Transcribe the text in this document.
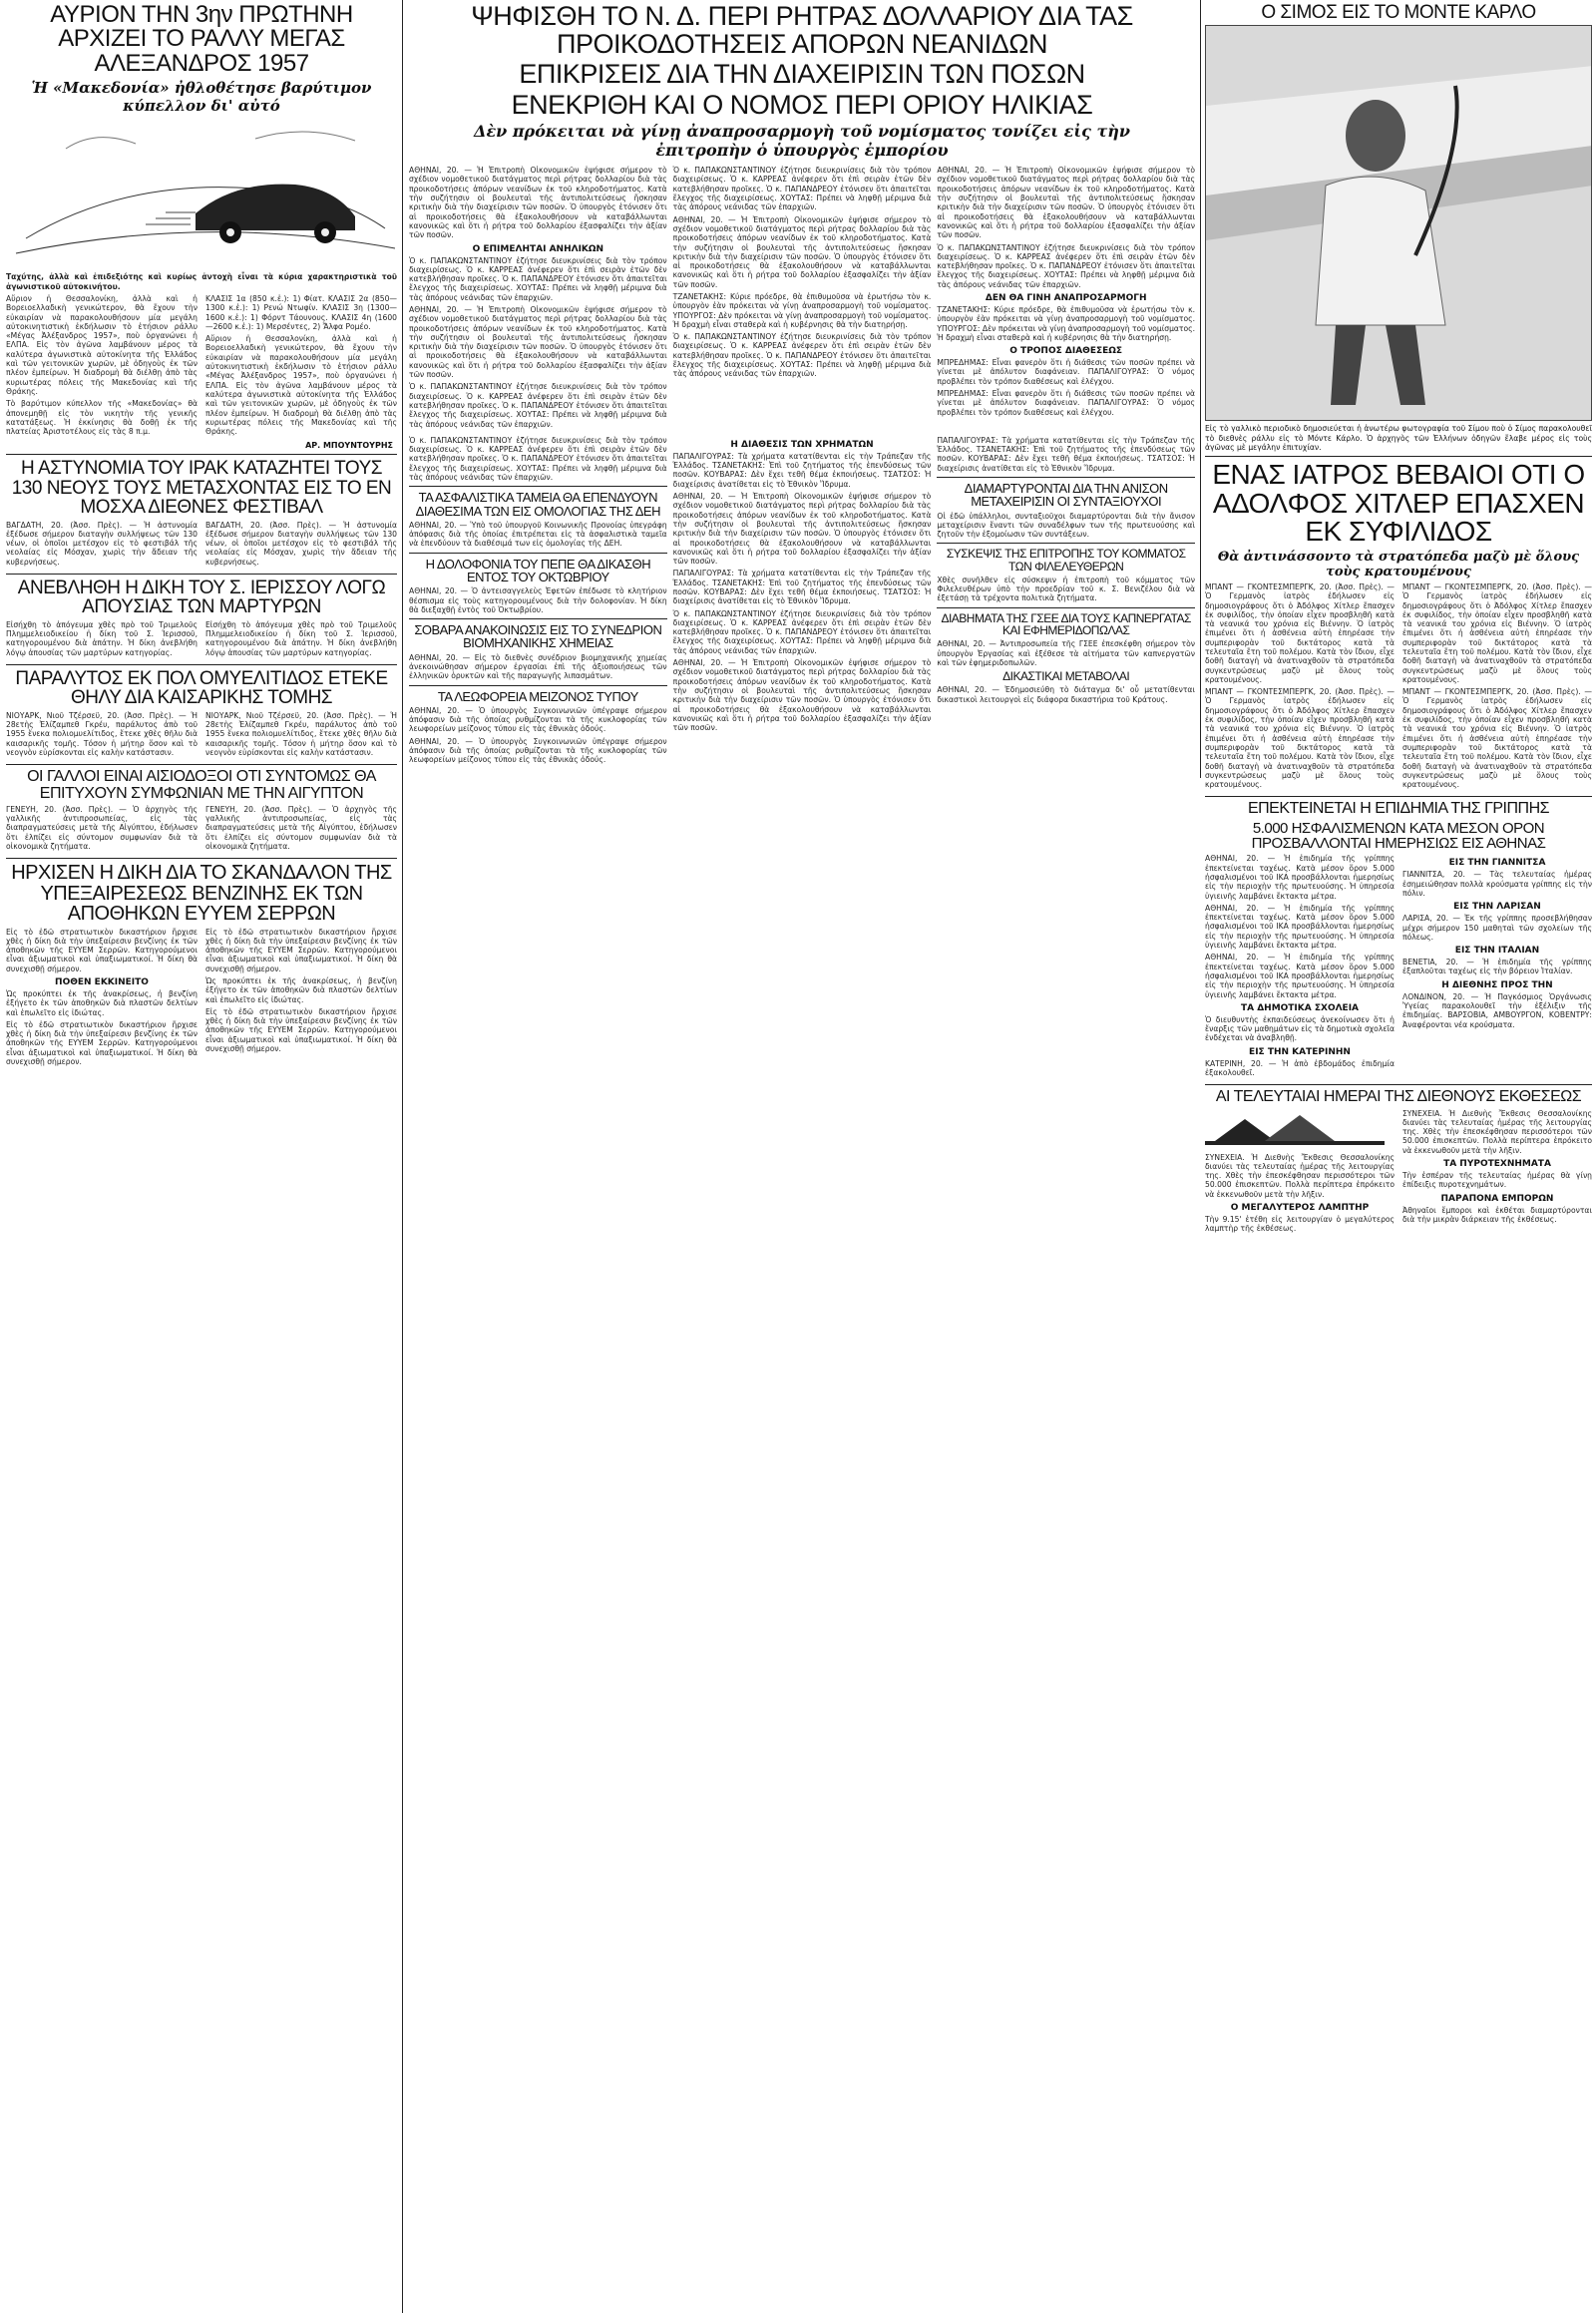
ΑΥΡΙΟΝ ΤΗΝ 3ην ΠΡΩΤΗΝΗ ΑΡΧΙΖΕΙ ΤΟ ΡΑΛΛΥ ΜΕΓΑΣ ΑΛΕΞΑΝΔΡΟΣ 1957
Ἡ «Μακεδονία» ἠθλοθέτησε βαρύτιμον κύπελλον δι' αὐτό
Ταχύτης, ἀλλὰ καὶ ἐπιδεξιότης καὶ κυρίως ἀντοχὴ εἶναι τὰ κύρια χαρακτηριστικὰ τοῦ ἀγωνιστικοῦ αὐτοκινήτου.

Αὔριον ἡ Θεσσαλονίκη, ἀλλὰ καὶ ἡ Βορειοελλαδικὴ γενικώτερον, θὰ ἔχουν τὴν εὐκαιρίαν νὰ παρακολουθήσουν μία μεγάλη αὐτοκινητιστικὴ ἐκδήλωσιν τὸ ἐτήσιον ράλλυ «Μέγας Ἀλέξανδρος 1957», ποὺ ὀργανώνει ἡ ΕΛΠΑ. Εἰς τὸν ἀγῶνα λαμβάνουν μέρος τὰ καλύτερα ἀγωνιστικὰ αὐτοκίνητα τῆς Ἑλλάδος καὶ τῶν γειτονικῶν χωρῶν, μὲ ὁδηγοὺς ἐκ τῶν πλέον ἐμπείρων. Ἡ διαδρομὴ θὰ διέλθῃ ἀπὸ τὰς κυριωτέρας πόλεις τῆς Μακεδονίας καὶ τῆς Θράκης.

Τὸ βαρύτιμον κύπελλον τῆς «Μακεδονίας» θὰ ἀπονεμηθῇ εἰς τὸν νικητὴν τῆς γενικῆς κατατάξεως. Ἡ ἐκκίνησις θὰ δοθῇ ἐκ τῆς πλατείας Ἀριστοτέλους εἰς τὰς 8 π.μ.

ΚΛΑΣΙΣ 1α (850 κ.ἑ.): 1) Φίατ. ΚΛΑΣΙΣ 2α (850—1300 κ.ἑ.): 1) Ρενώ Ντωφίν. ΚΛΑΣΙΣ 3η (1300—1600 κ.ἑ.): 1) Φόρντ Τάουνους. ΚΛΑΣΙΣ 4η (1600—2600 κ.ἑ.): 1) Μερσέντες, 2) Ἄλφα Ρομέο.

Αὔριον ἡ Θεσσαλονίκη, ἀλλὰ καὶ ἡ Βορειοελλαδικὴ γενικώτερον, θὰ ἔχουν τὴν εὐκαιρίαν νὰ παρακολουθήσουν μία μεγάλη αὐτοκινητιστικὴ ἐκδήλωσιν τὸ ἐτήσιον ράλλυ «Μέγας Ἀλέξανδρος 1957», ποὺ ὀργανώνει ἡ ΕΛΠΑ. Εἰς τὸν ἀγῶνα λαμβάνουν μέρος τὰ καλύτερα ἀγωνιστικὰ αὐτοκίνητα τῆς Ἑλλάδος καὶ τῶν γειτονικῶν χωρῶν, μὲ ὁδηγοὺς ἐκ τῶν πλέον ἐμπείρων. Ἡ διαδρομὴ θὰ διέλθῃ ἀπὸ τὰς κυριωτέρας πόλεις τῆς Μακεδονίας καὶ τῆς Θράκης.

ΑΡ. ΜΠΟΥΝΤΟΥΡΗΣ
Η ΑΣΤΥΝΟΜΙΑ ΤΟΥ ΙΡΑΚ ΚΑΤΑΖΗΤΕΙ ΤΟΥΣ 130 ΝΕΟΥΣ ΤΟΥΣ ΜΕΤΑΣΧΟΝΤΑΣ ΕΙΣ ΤΟ ΕΝ ΜΟΣΧΑ ΔΙΕΘΝΕΣ ΦΕΣΤΙΒΑΛ

ΒΑΓΔΑΤΗ, 20. (Ἀσσ. Πρὲς). — Ἡ ἀστυνομία ἐξέδωσε σήμερον διαταγὴν συλλήψεως τῶν 130 νέων, οἱ ὁποῖοι μετέσχον εἰς τὸ φεστιβάλ τῆς νεολαίας εἰς Μόσχαν, χωρὶς τὴν ἄδειαν τῆς κυβερνήσεως.

ΒΑΓΔΑΤΗ, 20. (Ἀσσ. Πρὲς). — Ἡ ἀστυνομία ἐξέδωσε σήμερον διαταγὴν συλλήψεως τῶν 130 νέων, οἱ ὁποῖοι μετέσχον εἰς τὸ φεστιβάλ τῆς νεολαίας εἰς Μόσχαν, χωρὶς τὴν ἄδειαν τῆς κυβερνήσεως.

ΑΝΕΒΛΗΘΗ Η ΔΙΚΗ ΤΟΥ Σ. ΙΕΡΙΣΣΟΥ ΛΟΓΩ ΑΠΟΥΣΙΑΣ ΤΩΝ ΜΑΡΤΥΡΩΝ

Εἰσήχθη τὸ ἀπόγευμα χθὲς πρὸ τοῦ Τριμελοῦς Πλημμελειοδικείου ἡ δίκη τοῦ Σ. Ἱερισσοῦ, κατηγορουμένου διὰ ἀπάτην. Ἡ δίκη ἀνεβλήθη λόγῳ ἀπουσίας τῶν μαρτύρων κατηγορίας.

Εἰσήχθη τὸ ἀπόγευμα χθὲς πρὸ τοῦ Τριμελοῦς Πλημμελειοδικείου ἡ δίκη τοῦ Σ. Ἱερισσοῦ, κατηγορουμένου διὰ ἀπάτην. Ἡ δίκη ἀνεβλήθη λόγῳ ἀπουσίας τῶν μαρτύρων κατηγορίας.

ΠΑΡΑΛΥΤΟΣ ΕΚ ΠΟΛ ΟΜΥΕΛΙΤΙΔΟΣ ΕΤΕΚΕ ΘΗΛΥ ΔΙΑ ΚΑΙΣΑΡΙΚΗΣ ΤΟΜΗΣ

ΝΙΟΥΑΡΚ, Νιοῦ Τζέρσεϋ, 20. (Ἀσσ. Πρὲς). — Ἡ 28ετὴς Ἐλίζαμπεθ Γκρέυ, παράλυτος ἀπὸ τοῦ 1955 ἕνεκα πολιομυελίτιδος, ἔτεκε χθὲς θῆλυ διὰ καισαρικῆς τομῆς. Τόσον ἡ μήτηρ ὅσον καὶ τὸ νεογνὸν εὑρίσκονται εἰς καλὴν κατάστασιν.

ΝΙΟΥΑΡΚ, Νιοῦ Τζέρσεϋ, 20. (Ἀσσ. Πρὲς). — Ἡ 28ετὴς Ἐλίζαμπεθ Γκρέυ, παράλυτος ἀπὸ τοῦ 1955 ἕνεκα πολιομυελίτιδος, ἔτεκε χθὲς θῆλυ διὰ καισαρικῆς τομῆς. Τόσον ἡ μήτηρ ὅσον καὶ τὸ νεογνὸν εὑρίσκονται εἰς καλὴν κατάστασιν.

ΟΙ ΓΑΛΛΟΙ ΕΙΝΑΙ ΑΙΣΙΟΔΟΞΟΙ ΟΤΙ ΣΥΝΤΟΜΩΣ ΘΑ ΕΠΙΤΥΧΟΥΝ ΣΥΜΦΩΝΙΑΝ ΜΕ ΤΗΝ ΑΙΓΥΠΤΟΝ

ΓΕΝΕΥΗ, 20. (Ἀσσ. Πρὲς). — Ὁ ἀρχηγὸς τῆς γαλλικῆς ἀντιπροσωπείας, εἰς τὰς διαπραγματεύσεις μετὰ τῆς Αἰγύπτου, ἐδήλωσεν ὅτι ἐλπίζει εἰς σύντομον συμφωνίαν διὰ τὰ οἰκονομικὰ ζητήματα.

ΓΕΝΕΥΗ, 20. (Ἀσσ. Πρὲς). — Ὁ ἀρχηγὸς τῆς γαλλικῆς ἀντιπροσωπείας, εἰς τὰς διαπραγματεύσεις μετὰ τῆς Αἰγύπτου, ἐδήλωσεν ὅτι ἐλπίζει εἰς σύντομον συμφωνίαν διὰ τὰ οἰκονομικὰ ζητήματα.

ΗΡΧΙΣΕΝ Η ΔΙΚΗ ΔΙΑ ΤΟ ΣΚΑΝΔΑΛΟΝ ΤΗΣ ΥΠΕΞΑΙΡΕΣΕΩΣ ΒΕΝΖΙΝΗΣ ΕΚ ΤΩΝ ΑΠΟΘΗΚΩΝ ΕΥΥΕΜ ΣΕΡΡΩΝ

Εἰς τὸ ἐδῶ στρατιωτικὸν δικαστήριον ἤρχισε χθὲς ἡ δίκη διὰ τὴν ὑπεξαίρεσιν βενζίνης ἐκ τῶν ἀποθηκῶν τῆς ΕΥΥΕΜ Σερρῶν. Κατηγορούμενοι εἶναι ἀξιωματικοὶ καὶ ὑπαξιωματικοί. Ἡ δίκη θὰ συνεχισθῇ σήμερον.

ΠΟΘΕΝ ΕΚΚΙΝΕΙΤΟ

Ὡς προκύπτει ἐκ τῆς ἀνακρίσεως, ἡ βενζίνη ἐξήγετο ἐκ τῶν ἀποθηκῶν διὰ πλαστῶν δελτίων καὶ ἐπωλεῖτο εἰς ἰδιώτας.

Εἰς τὸ ἐδῶ στρατιωτικὸν δικαστήριον ἤρχισε χθὲς ἡ δίκη διὰ τὴν ὑπεξαίρεσιν βενζίνης ἐκ τῶν ἀποθηκῶν τῆς ΕΥΥΕΜ Σερρῶν. Κατηγορούμενοι εἶναι ἀξιωματικοὶ καὶ ὑπαξιωματικοί. Ἡ δίκη θὰ συνεχισθῇ σήμερον.

Εἰς τὸ ἐδῶ στρατιωτικὸν δικαστήριον ἤρχισε χθὲς ἡ δίκη διὰ τὴν ὑπεξαίρεσιν βενζίνης ἐκ τῶν ἀποθηκῶν τῆς ΕΥΥΕΜ Σερρῶν. Κατηγορούμενοι εἶναι ἀξιωματικοὶ καὶ ὑπαξιωματικοί. Ἡ δίκη θὰ συνεχισθῇ σήμερον.

Ὡς προκύπτει ἐκ τῆς ἀνακρίσεως, ἡ βενζίνη ἐξήγετο ἐκ τῶν ἀποθηκῶν διὰ πλαστῶν δελτίων καὶ ἐπωλεῖτο εἰς ἰδιώτας.

Εἰς τὸ ἐδῶ στρατιωτικὸν δικαστήριον ἤρχισε χθὲς ἡ δίκη διὰ τὴν ὑπεξαίρεσιν βενζίνης ἐκ τῶν ἀποθηκῶν τῆς ΕΥΥΕΜ Σερρῶν. Κατηγορούμενοι εἶναι ἀξιωματικοὶ καὶ ὑπαξιωματικοί. Ἡ δίκη θὰ συνεχισθῇ σήμερον.

ΨΗΦΙΣΘΗ ΤΟ Ν. Δ. ΠΕΡΙ ΡΗΤΡΑΣ ΔΟΛΛΑΡΙΟΥ ΔΙΑ ΤΑΣ ΠΡΟΙΚΟΔΟΤΗΣΕΙΣ ΑΠΟΡΩΝ ΝΕΑΝΙΔΩΝ
ΕΠΙΚΡΙΣΕΙΣ ΔΙΑ ΤΗΝ ΔΙΑΧΕΙΡΙΣΙΝ ΤΩΝ ΠΟΣΩΝ
ΕΝΕΚΡΙΘΗ ΚΑΙ Ο ΝΟΜΟΣ ΠΕΡΙ ΟΡΙΟΥ ΗΛΙΚΙΑΣ
Δὲν πρόκειται νὰ γίνῃ ἀναπροσαρμογὴ τοῦ νομίσματος τονίζει εἰς τὴν ἐπιτροπὴν ὁ ὑπουργὸς ἐμπορίου

ΑΘΗΝΑΙ, 20. — Ἡ Ἐπιτροπὴ Οἰκονομικῶν ἐψήφισε σήμερον τὸ σχέδιον νομοθετικοῦ διατάγματος περὶ ρήτρας δολλαρίου διὰ τὰς προικοδοτήσεις ἀπόρων νεανίδων ἐκ τοῦ κληροδοτήματος. Κατὰ τὴν συζήτησιν οἱ βουλευταὶ τῆς ἀντιπολιτεύσεως ἤσκησαν κριτικὴν διὰ τὴν διαχείρισιν τῶν ποσῶν. Ὁ ὑπουργὸς ἐτόνισεν ὅτι αἱ προικοδοτήσεις θὰ ἐξακολουθήσουν νὰ καταβάλλωνται κανονικῶς καὶ ὅτι ἡ ρήτρα τοῦ δολλαρίου ἐξασφαλίζει τὴν ἀξίαν τῶν ποσῶν.

Ο ΕΠΙΜΕΛΗΤΑΙ ΑΝΗΛΙΚΩΝ

Ὁ κ. ΠΑΠΑΚΩΝΣΤΑΝΤΙΝΟΥ ἐζήτησε διευκρινίσεις διὰ τὸν τρόπον διαχειρίσεως. Ὁ κ. ΚΑΡΡΕΑΣ ἀνέφερεν ὅτι ἐπὶ σειρὰν ἐτῶν δὲν κατεβλήθησαν προῖκες. Ὁ κ. ΠΑΠΑΝΔΡΕΟΥ ἐτόνισεν ὅτι ἀπαιτεῖται ἔλεγχος τῆς διαχειρίσεως. ΧΟΥΤΑΣ: Πρέπει νὰ ληφθῇ μέριμνα διὰ τὰς ἀπόρους νεάνιδας τῶν ἐπαρχιῶν.

ΑΘΗΝΑΙ, 20. — Ἡ Ἐπιτροπὴ Οἰκονομικῶν ἐψήφισε σήμερον τὸ σχέδιον νομοθετικοῦ διατάγματος περὶ ρήτρας δολλαρίου διὰ τὰς προικοδοτήσεις ἀπόρων νεανίδων ἐκ τοῦ κληροδοτήματος. Κατὰ τὴν συζήτησιν οἱ βουλευταὶ τῆς ἀντιπολιτεύσεως ἤσκησαν κριτικὴν διὰ τὴν διαχείρισιν τῶν ποσῶν. Ὁ ὑπουργὸς ἐτόνισεν ὅτι αἱ προικοδοτήσεις θὰ ἐξακολουθήσουν νὰ καταβάλλωνται κανονικῶς καὶ ὅτι ἡ ρήτρα τοῦ δολλαρίου ἐξασφαλίζει τὴν ἀξίαν τῶν ποσῶν.

Ὁ κ. ΠΑΠΑΚΩΝΣΤΑΝΤΙΝΟΥ ἐζήτησε διευκρινίσεις διὰ τὸν τρόπον διαχειρίσεως. Ὁ κ. ΚΑΡΡΕΑΣ ἀνέφερεν ὅτι ἐπὶ σειρὰν ἐτῶν δὲν κατεβλήθησαν προῖκες. Ὁ κ. ΠΑΠΑΝΔΡΕΟΥ ἐτόνισεν ὅτι ἀπαιτεῖται ἔλεγχος τῆς διαχειρίσεως. ΧΟΥΤΑΣ: Πρέπει νὰ ληφθῇ μέριμνα διὰ τὰς ἀπόρους νεάνιδας τῶν ἐπαρχιῶν.

Ὁ κ. ΠΑΠΑΚΩΝΣΤΑΝΤΙΝΟΥ ἐζήτησε διευκρινίσεις διὰ τὸν τρόπον διαχειρίσεως. Ὁ κ. ΚΑΡΡΕΑΣ ἀνέφερεν ὅτι ἐπὶ σειρὰν ἐτῶν δὲν κατεβλήθησαν προῖκες. Ὁ κ. ΠΑΠΑΝΔΡΕΟΥ ἐτόνισεν ὅτι ἀπαιτεῖται ἔλεγχος τῆς διαχειρίσεως. ΧΟΥΤΑΣ: Πρέπει νὰ ληφθῇ μέριμνα διὰ τὰς ἀπόρους νεάνιδας τῶν ἐπαρχιῶν.

ΑΘΗΝΑΙ, 20. — Ἡ Ἐπιτροπὴ Οἰκονομικῶν ἐψήφισε σήμερον τὸ σχέδιον νομοθετικοῦ διατάγματος περὶ ρήτρας δολλαρίου διὰ τὰς προικοδοτήσεις ἀπόρων νεανίδων ἐκ τοῦ κληροδοτήματος. Κατὰ τὴν συζήτησιν οἱ βουλευταὶ τῆς ἀντιπολιτεύσεως ἤσκησαν κριτικὴν διὰ τὴν διαχείρισιν τῶν ποσῶν. Ὁ ὑπουργὸς ἐτόνισεν ὅτι αἱ προικοδοτήσεις θὰ ἐξακολουθήσουν νὰ καταβάλλωνται κανονικῶς καὶ ὅτι ἡ ρήτρα τοῦ δολλαρίου ἐξασφαλίζει τὴν ἀξίαν τῶν ποσῶν.

ΤΖΑΝΕΤΑΚΗΣ: Κύριε πρόεδρε, θὰ ἐπιθυμοῦσα νὰ ἐρωτήσω τὸν κ. ὑπουργὸν ἐὰν πρόκειται νὰ γίνῃ ἀναπροσαρμογὴ τοῦ νομίσματος. ΥΠΟΥΡΓΟΣ: Δὲν πρόκειται νὰ γίνῃ ἀναπροσαρμογὴ τοῦ νομίσματος. Ἡ δραχμὴ εἶναι σταθερὰ καὶ ἡ κυβέρνησις θὰ τὴν διατηρήσῃ.

Ὁ κ. ΠΑΠΑΚΩΝΣΤΑΝΤΙΝΟΥ ἐζήτησε διευκρινίσεις διὰ τὸν τρόπον διαχειρίσεως. Ὁ κ. ΚΑΡΡΕΑΣ ἀνέφερεν ὅτι ἐπὶ σειρὰν ἐτῶν δὲν κατεβλήθησαν προῖκες. Ὁ κ. ΠΑΠΑΝΔΡΕΟΥ ἐτόνισεν ὅτι ἀπαιτεῖται ἔλεγχος τῆς διαχειρίσεως. ΧΟΥΤΑΣ: Πρέπει νὰ ληφθῇ μέριμνα διὰ τὰς ἀπόρους νεάνιδας τῶν ἐπαρχιῶν.

ΑΘΗΝΑΙ, 20. — Ἡ Ἐπιτροπὴ Οἰκονομικῶν ἐψήφισε σήμερον τὸ σχέδιον νομοθετικοῦ διατάγματος περὶ ρήτρας δολλαρίου διὰ τὰς προικοδοτήσεις ἀπόρων νεανίδων ἐκ τοῦ κληροδοτήματος. Κατὰ τὴν συζήτησιν οἱ βουλευταὶ τῆς ἀντιπολιτεύσεως ἤσκησαν κριτικὴν διὰ τὴν διαχείρισιν τῶν ποσῶν. Ὁ ὑπουργὸς ἐτόνισεν ὅτι αἱ προικοδοτήσεις θὰ ἐξακολουθήσουν νὰ καταβάλλωνται κανονικῶς καὶ ὅτι ἡ ρήτρα τοῦ δολλαρίου ἐξασφαλίζει τὴν ἀξίαν τῶν ποσῶν.

Ὁ κ. ΠΑΠΑΚΩΝΣΤΑΝΤΙΝΟΥ ἐζήτησε διευκρινίσεις διὰ τὸν τρόπον διαχειρίσεως. Ὁ κ. ΚΑΡΡΕΑΣ ἀνέφερεν ὅτι ἐπὶ σειρὰν ἐτῶν δὲν κατεβλήθησαν προῖκες. Ὁ κ. ΠΑΠΑΝΔΡΕΟΥ ἐτόνισεν ὅτι ἀπαιτεῖται ἔλεγχος τῆς διαχειρίσεως. ΧΟΥΤΑΣ: Πρέπει νὰ ληφθῇ μέριμνα διὰ τὰς ἀπόρους νεάνιδας τῶν ἐπαρχιῶν.

ΔΕΝ ΘΑ ΓΙΝΗ ΑΝΑΠΡΟΣΑΡΜΟΓΗ

ΤΖΑΝΕΤΑΚΗΣ: Κύριε πρόεδρε, θὰ ἐπιθυμοῦσα νὰ ἐρωτήσω τὸν κ. ὑπουργὸν ἐὰν πρόκειται νὰ γίνῃ ἀναπροσαρμογὴ τοῦ νομίσματος. ΥΠΟΥΡΓΟΣ: Δὲν πρόκειται νὰ γίνῃ ἀναπροσαρμογὴ τοῦ νομίσματος. Ἡ δραχμὴ εἶναι σταθερὰ καὶ ἡ κυβέρνησις θὰ τὴν διατηρήσῃ.

Ο ΤΡΟΠΟΣ ΔΙΑΘΕΣΕΩΣ

ΜΠΡΕΔΗΜΑΣ: Εἶναι φανερὸν ὅτι ἡ διάθεσις τῶν ποσῶν πρέπει νὰ γίνεται μὲ ἀπόλυτον διαφάνειαν. ΠΑΠΑΛΙΓΟΥΡΑΣ: Ὁ νόμος προβλέπει τὸν τρόπον διαθέσεως καὶ ἐλέγχου.

ΜΠΡΕΔΗΜΑΣ: Εἶναι φανερὸν ὅτι ἡ διάθεσις τῶν ποσῶν πρέπει νὰ γίνεται μὲ ἀπόλυτον διαφάνειαν. ΠΑΠΑΛΙΓΟΥΡΑΣ: Ὁ νόμος προβλέπει τὸν τρόπον διαθέσεως καὶ ἐλέγχου.

Ὁ κ. ΠΑΠΑΚΩΝΣΤΑΝΤΙΝΟΥ ἐζήτησε διευκρινίσεις διὰ τὸν τρόπον διαχειρίσεως. Ὁ κ. ΚΑΡΡΕΑΣ ἀνέφερεν ὅτι ἐπὶ σειρὰν ἐτῶν δὲν κατεβλήθησαν προῖκες. Ὁ κ. ΠΑΠΑΝΔΡΕΟΥ ἐτόνισεν ὅτι ἀπαιτεῖται ἔλεγχος τῆς διαχειρίσεως. ΧΟΥΤΑΣ: Πρέπει νὰ ληφθῇ μέριμνα διὰ τὰς ἀπόρους νεάνιδας τῶν ἐπαρχιῶν.

ΤΑ ΑΣΦΑΛΙΣΤΙΚΑ ΤΑΜΕΙΑ ΘΑ ΕΠΕΝΔΥΟΥΝ ΔΙΑΘΕΣΙΜΑ ΤΩΝ ΕΙΣ ΟΜΟΛΟΓΙΑΣ ΤΗΣ ΔΕΗ

ΑΘΗΝΑΙ, 20. — Ὑπὸ τοῦ ὑπουργοῦ Κοινωνικῆς Προνοίας ὑπεγράφη ἀπόφασις διὰ τῆς ὁποίας ἐπιτρέπεται εἰς τὰ ἀσφαλιστικὰ ταμεῖα νὰ ἐπενδύουν τὰ διαθέσιμά των εἰς ὁμολογίας τῆς ΔΕΗ.

Η ΔΟΛΟΦΟΝΙΑ ΤΟΥ ΠΕΠΕ ΘΑ ΔΙΚΑΣΘΗ ΕΝΤΟΣ ΤΟΥ ΟΚΤΩΒΡΙΟΥ

ΑΘΗΝΑΙ, 20. — Ὁ ἀντεισαγγελεὺς Ἐφετῶν ἐπέδωσε τὸ κλητήριον θέσπισμα εἰς τοὺς κατηγορουμένους διὰ τὴν δολοφονίαν. Ἡ δίκη θὰ διεξαχθῇ ἐντὸς τοῦ Ὀκτωβρίου.

ΣΟΒΑΡΑ ΑΝΑΚΟΙΝΩΣΙΣ ΕΙΣ ΤΟ ΣΥΝΕΔΡΙΟΝ ΒΙΟΜΗΧΑΝΙΚΗΣ ΧΗΜΕΙΑΣ

ΑΘΗΝΑΙ, 20. — Εἰς τὸ διεθνὲς συνέδριον βιομηχανικῆς χημείας ἀνεκοινώθησαν σήμερον ἐργασίαι ἐπὶ τῆς ἀξιοποιήσεως τῶν ἐλληνικῶν ὀρυκτῶν καὶ τῆς παραγωγῆς λιπασμάτων.

ΤΑ ΛΕΩΦΟΡΕΙΑ ΜΕΙΖΟΝΟΣ ΤΥΠΟΥ

ΑΘΗΝΑΙ, 20. — Ὁ ὑπουργὸς Συγκοινωνιῶν ὑπέγραψε σήμερον ἀπόφασιν διὰ τῆς ὁποίας ρυθμίζονται τὰ τῆς κυκλοφορίας τῶν λεωφορείων μείζονος τύπου εἰς τὰς ἐθνικὰς ὁδούς.

ΑΘΗΝΑΙ, 20. — Ὁ ὑπουργὸς Συγκοινωνιῶν ὑπέγραψε σήμερον ἀπόφασιν διὰ τῆς ὁποίας ρυθμίζονται τὰ τῆς κυκλοφορίας τῶν λεωφορείων μείζονος τύπου εἰς τὰς ἐθνικὰς ὁδούς.

Η ΔΙΑΘΕΣΙΣ ΤΩΝ ΧΡΗΜΑΤΩΝ

ΠΑΠΑΛΙΓΟΥΡΑΣ: Τὰ χρήματα κατατίθενται εἰς τὴν Τράπεζαν τῆς Ἑλλάδος. ΤΣΑΝΕΤΑΚΗΣ: Ἐπὶ τοῦ ζητήματος τῆς ἐπενδύσεως τῶν ποσῶν. ΚΟΥΒΑΡΑΣ: Δὲν ἔχει τεθῆ θέμα ἐκποιήσεως. ΤΣΑΤΣΟΣ: Ἡ διαχείρισις ἀνατίθεται εἰς τὸ Ἐθνικὸν Ἵδρυμα.

ΑΘΗΝΑΙ, 20. — Ἡ Ἐπιτροπὴ Οἰκονομικῶν ἐψήφισε σήμερον τὸ σχέδιον νομοθετικοῦ διατάγματος περὶ ρήτρας δολλαρίου διὰ τὰς προικοδοτήσεις ἀπόρων νεανίδων ἐκ τοῦ κληροδοτήματος. Κατὰ τὴν συζήτησιν οἱ βουλευταὶ τῆς ἀντιπολιτεύσεως ἤσκησαν κριτικὴν διὰ τὴν διαχείρισιν τῶν ποσῶν. Ὁ ὑπουργὸς ἐτόνισεν ὅτι αἱ προικοδοτήσεις θὰ ἐξακολουθήσουν νὰ καταβάλλωνται κανονικῶς καὶ ὅτι ἡ ρήτρα τοῦ δολλαρίου ἐξασφαλίζει τὴν ἀξίαν τῶν ποσῶν.

ΠΑΠΑΛΙΓΟΥΡΑΣ: Τὰ χρήματα κατατίθενται εἰς τὴν Τράπεζαν τῆς Ἑλλάδος. ΤΣΑΝΕΤΑΚΗΣ: Ἐπὶ τοῦ ζητήματος τῆς ἐπενδύσεως τῶν ποσῶν. ΚΟΥΒΑΡΑΣ: Δὲν ἔχει τεθῆ θέμα ἐκποιήσεως. ΤΣΑΤΣΟΣ: Ἡ διαχείρισις ἀνατίθεται εἰς τὸ Ἐθνικὸν Ἵδρυμα.

Ὁ κ. ΠΑΠΑΚΩΝΣΤΑΝΤΙΝΟΥ ἐζήτησε διευκρινίσεις διὰ τὸν τρόπον διαχειρίσεως. Ὁ κ. ΚΑΡΡΕΑΣ ἀνέφερεν ὅτι ἐπὶ σειρὰν ἐτῶν δὲν κατεβλήθησαν προῖκες. Ὁ κ. ΠΑΠΑΝΔΡΕΟΥ ἐτόνισεν ὅτι ἀπαιτεῖται ἔλεγχος τῆς διαχειρίσεως. ΧΟΥΤΑΣ: Πρέπει νὰ ληφθῇ μέριμνα διὰ τὰς ἀπόρους νεάνιδας τῶν ἐπαρχιῶν.

ΑΘΗΝΑΙ, 20. — Ἡ Ἐπιτροπὴ Οἰκονομικῶν ἐψήφισε σήμερον τὸ σχέδιον νομοθετικοῦ διατάγματος περὶ ρήτρας δολλαρίου διὰ τὰς προικοδοτήσεις ἀπόρων νεανίδων ἐκ τοῦ κληροδοτήματος. Κατὰ τὴν συζήτησιν οἱ βουλευταὶ τῆς ἀντιπολιτεύσεως ἤσκησαν κριτικὴν διὰ τὴν διαχείρισιν τῶν ποσῶν. Ὁ ὑπουργὸς ἐτόνισεν ὅτι αἱ προικοδοτήσεις θὰ ἐξακολουθήσουν νὰ καταβάλλωνται κανονικῶς καὶ ὅτι ἡ ρήτρα τοῦ δολλαρίου ἐξασφαλίζει τὴν ἀξίαν τῶν ποσῶν.

ΠΑΠΑΛΙΓΟΥΡΑΣ: Τὰ χρήματα κατατίθενται εἰς τὴν Τράπεζαν τῆς Ἑλλάδος. ΤΣΑΝΕΤΑΚΗΣ: Ἐπὶ τοῦ ζητήματος τῆς ἐπενδύσεως τῶν ποσῶν. ΚΟΥΒΑΡΑΣ: Δὲν ἔχει τεθῆ θέμα ἐκποιήσεως. ΤΣΑΤΣΟΣ: Ἡ διαχείρισις ἀνατίθεται εἰς τὸ Ἐθνικὸν Ἵδρυμα.

ΔΙΑΜΑΡΤΥΡΟΝΤΑΙ ΔΙΑ ΤΗΝ ΑΝΙΣΟΝ ΜΕΤΑΧΕΙΡΙΣΙΝ ΟΙ ΣΥΝΤΑΞΙΟΥΧΟΙ

Οἱ ἐδῶ ὑπάλληλοι, συνταξιοῦχοι διαμαρτύρονται διὰ τὴν ἄνισον μεταχείρισιν ἔναντι τῶν συναδέλφων των τῆς πρωτευούσης καὶ ζητοῦν τὴν ἐξομοίωσιν τῶν συντάξεων.

ΣΥΣΚΕΨΙΣ ΤΗΣ ΕΠΙΤΡΟΠΗΣ ΤΟΥ ΚΟΜΜΑΤΟΣ ΤΩΝ ΦΙΛΕΛΕΥΘΕΡΩΝ

Χθὲς συνῆλθεν εἰς σύσκεψιν ἡ ἐπιτροπὴ τοῦ κόμματος τῶν Φιλελευθέρων ὑπὸ τὴν προεδρίαν τοῦ κ. Σ. Βενιζέλου διὰ νὰ ἐξετάσῃ τὰ τρέχοντα πολιτικὰ ζητήματα.

ΔΙΑΒΗΜΑΤΑ ΤΗΣ ΓΣΕΕ ΔΙΑ ΤΟΥΣ ΚΑΠΝΕΡΓΑΤΑΣ ΚΑΙ ΕΦΗΜΕΡΙΔΟΠΩΛΑΣ

ΑΘΗΝΑΙ, 20. — Ἀντιπροσωπεία τῆς ΓΣΕΕ ἐπεσκέφθη σήμερον τὸν ὑπουργὸν Ἐργασίας καὶ ἐξέθεσε τὰ αἰτήματα τῶν καπνεργατῶν καὶ τῶν ἐφημεριδοπωλῶν.

ΔΙΚΑΣΤΙΚΑΙ ΜΕΤΑΒΟΛΑΙ

ΑΘΗΝΑΙ, 20. — Ἐδημοσιεύθη τὸ διάταγμα δι' οὗ μετατίθενται δικαστικοὶ λειτουργοὶ εἰς διάφορα δικαστήρια τοῦ Κράτους.

Ο ΣΙΜΟΣ ΕΙΣ ΤΟ ΜΟΝΤΕ ΚΑΡΛΟ
Εἰς τὸ γαλλικὸ περιοδικὸ δημοσιεύεται ἡ ἀνωτέρω φωτογραφία τοῦ Σίμου ποὺ ὁ Σίμος παρακολουθεῖ τὸ διεθνὲς ράλλυ εἰς τὸ Μόντε Κάρλο. Ὁ ἀρχηγὸς τῶν Ἐλλήνων ὁδηγῶν ἔλαβε μέρος εἰς τοὺς ἀγῶνας μὲ μεγάλην ἐπιτυχίαν.
ΕΝΑΣ ΙΑΤΡΟΣ ΒΕΒΑΙΟΙ ΟΤΙ Ο ΑΔΟΛΦΟΣ ΧΙΤΛΕΡ ΕΠΑΣΧΕΝ ΕΚ ΣΥΦΙΛΙΔΟΣ
Θὰ ἀντινάσσοντο τὰ στρατόπεδα μαζὺ μὲ ὅλους τοὺς κρατουμένους

ΜΠΑΝΤ — ΓΚΟΝΤΕΣΜΠΕΡΓΚ, 20. (Ἀσσ. Πρὲς). — Ὁ Γερμανὸς ἰατρὸς ἐδήλωσεν εἰς δημοσιογράφους ὅτι ὁ Ἀδόλφος Χίτλερ ἔπασχεν ἐκ συφιλίδος, τὴν ὁποίαν εἶχεν προσβληθῆ κατὰ τὰ νεανικά του χρόνια εἰς Βιέννην. Ὁ ἰατρὸς ἐπιμένει ὅτι ἡ ἀσθένεια αὐτὴ ἐπηρέασε τὴν συμπεριφορὰν τοῦ δικτάτορος κατὰ τὰ τελευταῖα ἔτη τοῦ πολέμου. Κατὰ τὸν ἴδιον, εἶχε δοθῆ διαταγὴ νὰ ἀνατιναχθοῦν τὰ στρατόπεδα συγκεντρώσεως μαζὺ μὲ ὅλους τοὺς κρατουμένους.

ΜΠΑΝΤ — ΓΚΟΝΤΕΣΜΠΕΡΓΚ, 20. (Ἀσσ. Πρὲς). — Ὁ Γερμανὸς ἰατρὸς ἐδήλωσεν εἰς δημοσιογράφους ὅτι ὁ Ἀδόλφος Χίτλερ ἔπασχεν ἐκ συφιλίδος, τὴν ὁποίαν εἶχεν προσβληθῆ κατὰ τὰ νεανικά του χρόνια εἰς Βιέννην. Ὁ ἰατρὸς ἐπιμένει ὅτι ἡ ἀσθένεια αὐτὴ ἐπηρέασε τὴν συμπεριφορὰν τοῦ δικτάτορος κατὰ τὰ τελευταῖα ἔτη τοῦ πολέμου. Κατὰ τὸν ἴδιον, εἶχε δοθῆ διαταγὴ νὰ ἀνατιναχθοῦν τὰ στρατόπεδα συγκεντρώσεως μαζὺ μὲ ὅλους τοὺς κρατουμένους.

ΜΠΑΝΤ — ΓΚΟΝΤΕΣΜΠΕΡΓΚ, 20. (Ἀσσ. Πρὲς). — Ὁ Γερμανὸς ἰατρὸς ἐδήλωσεν εἰς δημοσιογράφους ὅτι ὁ Ἀδόλφος Χίτλερ ἔπασχεν ἐκ συφιλίδος, τὴν ὁποίαν εἶχεν προσβληθῆ κατὰ τὰ νεανικά του χρόνια εἰς Βιέννην. Ὁ ἰατρὸς ἐπιμένει ὅτι ἡ ἀσθένεια αὐτὴ ἐπηρέασε τὴν συμπεριφορὰν τοῦ δικτάτορος κατὰ τὰ τελευταῖα ἔτη τοῦ πολέμου. Κατὰ τὸν ἴδιον, εἶχε δοθῆ διαταγὴ νὰ ἀνατιναχθοῦν τὰ στρατόπεδα συγκεντρώσεως μαζὺ μὲ ὅλους τοὺς κρατουμένους.

ΜΠΑΝΤ — ΓΚΟΝΤΕΣΜΠΕΡΓΚ, 20. (Ἀσσ. Πρὲς). — Ὁ Γερμανὸς ἰατρὸς ἐδήλωσεν εἰς δημοσιογράφους ὅτι ὁ Ἀδόλφος Χίτλερ ἔπασχεν ἐκ συφιλίδος, τὴν ὁποίαν εἶχεν προσβληθῆ κατὰ τὰ νεανικά του χρόνια εἰς Βιέννην. Ὁ ἰατρὸς ἐπιμένει ὅτι ἡ ἀσθένεια αὐτὴ ἐπηρέασε τὴν συμπεριφορὰν τοῦ δικτάτορος κατὰ τὰ τελευταῖα ἔτη τοῦ πολέμου. Κατὰ τὸν ἴδιον, εἶχε δοθῆ διαταγὴ νὰ ἀνατιναχθοῦν τὰ στρατόπεδα συγκεντρώσεως μαζὺ μὲ ὅλους τοὺς κρατουμένους.

ΕΠΕΚΤΕΙΝΕΤΑΙ Η ΕΠΙΔΗΜΙΑ ΤΗΣ ΓΡΙΠΠΗΣ
5.000 ΗΣΦΑΛΙΣΜΕΝΩΝ ΚΑΤΑ ΜΕΣΟΝ ΟΡΟΝ ΠΡΟΣΒΑΛΛΟΝΤΑΙ ΗΜΕΡΗΣΙΩΣ ΕΙΣ ΑΘΗΝΑΣ

ΑΘΗΝΑΙ, 20. — Ἡ ἐπιδημία τῆς γρίππης ἐπεκτείνεται ταχέως. Κατὰ μέσον ὅρον 5.000 ἠσφαλισμένοι τοῦ ΙΚΑ προσβάλλονται ἡμερησίως εἰς τὴν περιοχὴν τῆς πρωτευούσης. Ἡ ὑπηρεσία ὑγιεινῆς λαμβάνει ἔκτακτα μέτρα.

ΑΘΗΝΑΙ, 20. — Ἡ ἐπιδημία τῆς γρίππης ἐπεκτείνεται ταχέως. Κατὰ μέσον ὅρον 5.000 ἠσφαλισμένοι τοῦ ΙΚΑ προσβάλλονται ἡμερησίως εἰς τὴν περιοχὴν τῆς πρωτευούσης. Ἡ ὑπηρεσία ὑγιεινῆς λαμβάνει ἔκτακτα μέτρα.

ΑΘΗΝΑΙ, 20. — Ἡ ἐπιδημία τῆς γρίππης ἐπεκτείνεται ταχέως. Κατὰ μέσον ὅρον 5.000 ἠσφαλισμένοι τοῦ ΙΚΑ προσβάλλονται ἡμερησίως εἰς τὴν περιοχὴν τῆς πρωτευούσης. Ἡ ὑπηρεσία ὑγιεινῆς λαμβάνει ἔκτακτα μέτρα.

ΤΑ ΔΗΜΟΤΙΚΑ ΣΧΟΛΕΙΑ

Ὁ διευθυντὴς ἐκπαιδεύσεως ἀνεκοίνωσεν ὅτι ἡ ἔναρξις τῶν μαθημάτων εἰς τὰ δημοτικὰ σχολεῖα ἐνδέχεται νὰ ἀναβληθῇ.

ΕΙΣ ΤΗΝ ΚΑΤΕΡΙΝΗΝ

ΚΑΤΕΡΙΝΗ, 20. — Ἡ ἀπὸ ἐβδομάδος ἐπιδημία ἐξακολουθεῖ.

ΕΙΣ ΤΗΝ ΓΙΑΝΝΙΤΣΑ

ΓΙΑΝΝΙΤΣΑ, 20. — Τὰς τελευταίας ἡμέρας ἐσημειώθησαν πολλὰ κρούσματα γρίππης εἰς τὴν πόλιν.

ΕΙΣ ΤΗΝ ΛΑΡΙΣΑΝ

ΛΑΡΙΣΑ, 20. — Ἐκ τῆς γρίππης προσεβλήθησαν μέχρι σήμερον 150 μαθηταὶ τῶν σχολείων τῆς πόλεως.

ΕΙΣ ΤΗΝ ΙΤΑΛΙΑΝ

ΒΕΝΕΤΙΑ, 20. — Ἡ ἐπιδημία τῆς γρίππης ἐξαπλοῦται ταχέως εἰς τὴν βόρειον Ἰταλίαν.

Η ΔΙΕΘΝΗΣ ΠΡΟΣ ΤΗΝ

ΛΟΝΔΙΝΟΝ, 20. — Ἡ Παγκόσμιος Ὀργάνωσις Ὑγείας παρακολουθεῖ τὴν ἐξέλιξιν τῆς ἐπιδημίας. ΒΑΡΣΟΒΙΑ, ΑΜΒΟΥΡΓΟΝ, ΚΟΒΕΝΤΡΥ: Ἀναφέρονται νέα κρούσματα.

ΑΙ ΤΕΛΕΥΤΑΙΑΙ ΗΜΕΡΑΙ ΤΗΣ ΔΙΕΘΝΟΥΣ ΕΚΘΕΣΕΩΣ

ΣΥΝΕΧΕΙΑ. Ἡ Διεθνὴς Ἔκθεσις Θεσσαλονίκης διανύει τὰς τελευταίας ἡμέρας τῆς λειτουργίας της. Χθὲς τὴν ἐπεσκέφθησαν περισσότεροι τῶν 50.000 ἐπισκεπτῶν. Πολλὰ περίπτερα ἐπρόκειτο νὰ ἐκκενωθοῦν μετὰ τὴν λῆξιν.

Ο ΜΕΓΑΛΥΤΕΡΟΣ ΛΑΜΠΤΗΡ

Τὴν 9.15' ἐτέθη εἰς λειτουργίαν ὁ μεγαλύτερος λαμπτὴρ τῆς ἐκθέσεως.

ΣΥΝΕΧΕΙΑ. Ἡ Διεθνὴς Ἔκθεσις Θεσσαλονίκης διανύει τὰς τελευταίας ἡμέρας τῆς λειτουργίας της. Χθὲς τὴν ἐπεσκέφθησαν περισσότεροι τῶν 50.000 ἐπισκεπτῶν. Πολλὰ περίπτερα ἐπρόκειτο νὰ ἐκκενωθοῦν μετὰ τὴν λῆξιν.

ΤΑ ΠΥΡΟΤΕΧΝΗΜΑΤΑ

Τὴν ἑσπέραν τῆς τελευταίας ἡμέρας θὰ γίνῃ ἐπίδειξις πυροτεχνημάτων.

ΠΑΡΑΠΟΝΑ ΕΜΠΟΡΩΝ

Ἀθηναῖοι ἔμποροι καὶ ἐκθέται διαμαρτύρονται διὰ τὴν μικρὰν διάρκειαν τῆς ἐκθέσεως.
